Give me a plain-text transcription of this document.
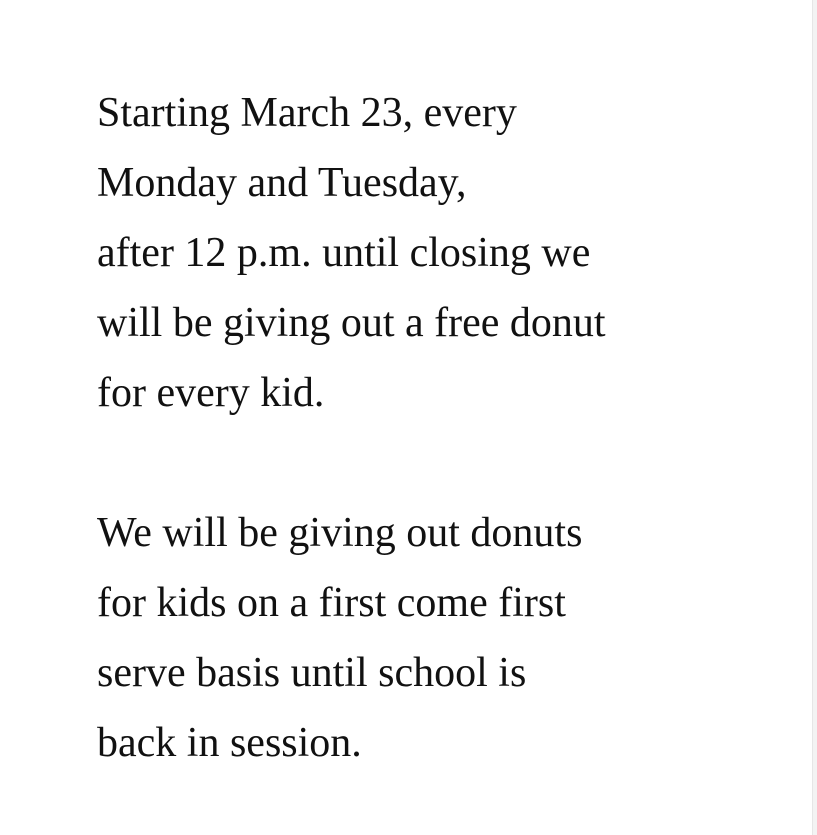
Starting March 23, every
Monday and Tuesday,
after 12 p.m. until closing we
will be giving out a free donut
for every kid.
We will be giving out donuts
for kids on a first come first
serve basis until school is
back in session.
